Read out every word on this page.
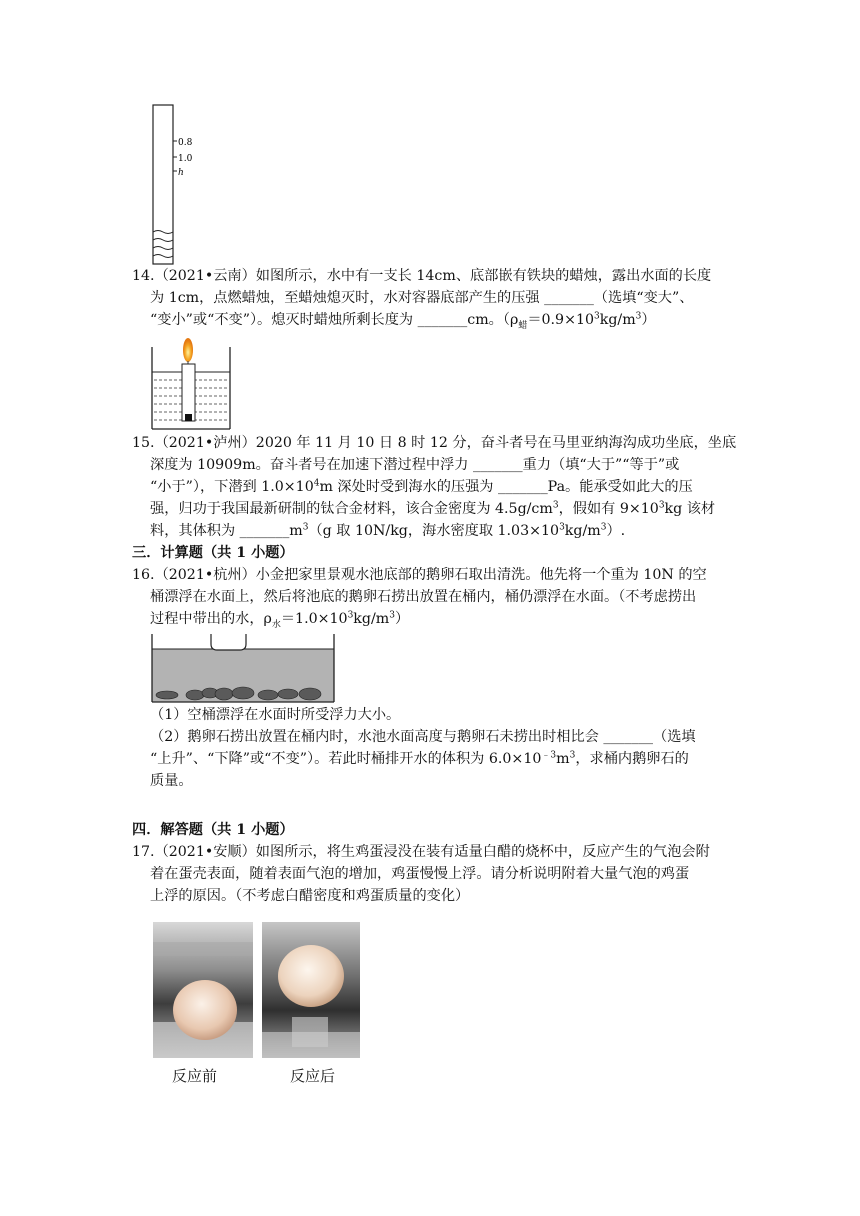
0.8
1.0
h
14.（2021•云南）如图所示，水中有一支长 14cm、底部嵌有铁块的蜡烛，露出水面的长度
为 1cm，点燃蜡烛，至蜡烛熄灭时，水对容器底部产生的压强 _______（选填“变大”、
“变小”或“不变”）。熄灭时蜡烛所剩长度为 _______cm。$(\rho_蜡=0.9\times 10^3kg/m^3)$
15.（2021•泸州）2020 年 11 月 10 日 8 时 12 分，奋斗者号在马里亚纳海沟成功坐底，坐底
深度为 10909m。奋斗者号在加速下潜过程中浮力 _______重力（填“大于”“等于”或
“小于”），下潜到 $1.0\times 10^4m$ 深处时受到海水的压强为 _______Pa。能承受如此大的压
强，归功于我国最新研制的钛合金材料，该合金密度为 $4.5g/cm^3$，假如有 $9\times 10^3kg$ 该材
料，其体积为 $\_\_\_\_\_\_\_m^3(g$ 取 10N/kg，海水密度取 $1.03\times 10^3kg/m^3$）.
三．计算题（共 1 小题）
16.（2021•杭州）小金把家里景观水池底部的鹅卵石取出清洗。他先将一个重为 10N 的空
桶漂浮在水面上，然后将池底的鹅卵石捞出放置在桶内，桶仍漂浮在水面。（不考虑捞出
过程中带出的水，$\rho_水=1.0\times 10^3kg/m^3$）
（1）空桶漂浮在水面时所受浮力大小。
（2）鹅卵石捞出放置在桶内时，水池水面高度与鹅卵石未捞出时相比会 _______（选填
“上升”、“下降”或“不变”）。若此时桶排开水的体积为 $6.0\times 10^{﹣3}m^3$，求桶内鹅卵石的
质量。
四．解答题（共 1 小题）
17.（2021•安顺）如图所示，将生鸡蛋浸没在装有适量白醋的烧杯中，反应产生的气泡会附
着在蛋壳表面，随着表面气泡的增加，鸡蛋慢慢上浮。请分析说明附着大量气泡的鸡蛋
上浮的原因。（不考虑白醋密度和鸡蛋质量的变化）
反应前	反应后
